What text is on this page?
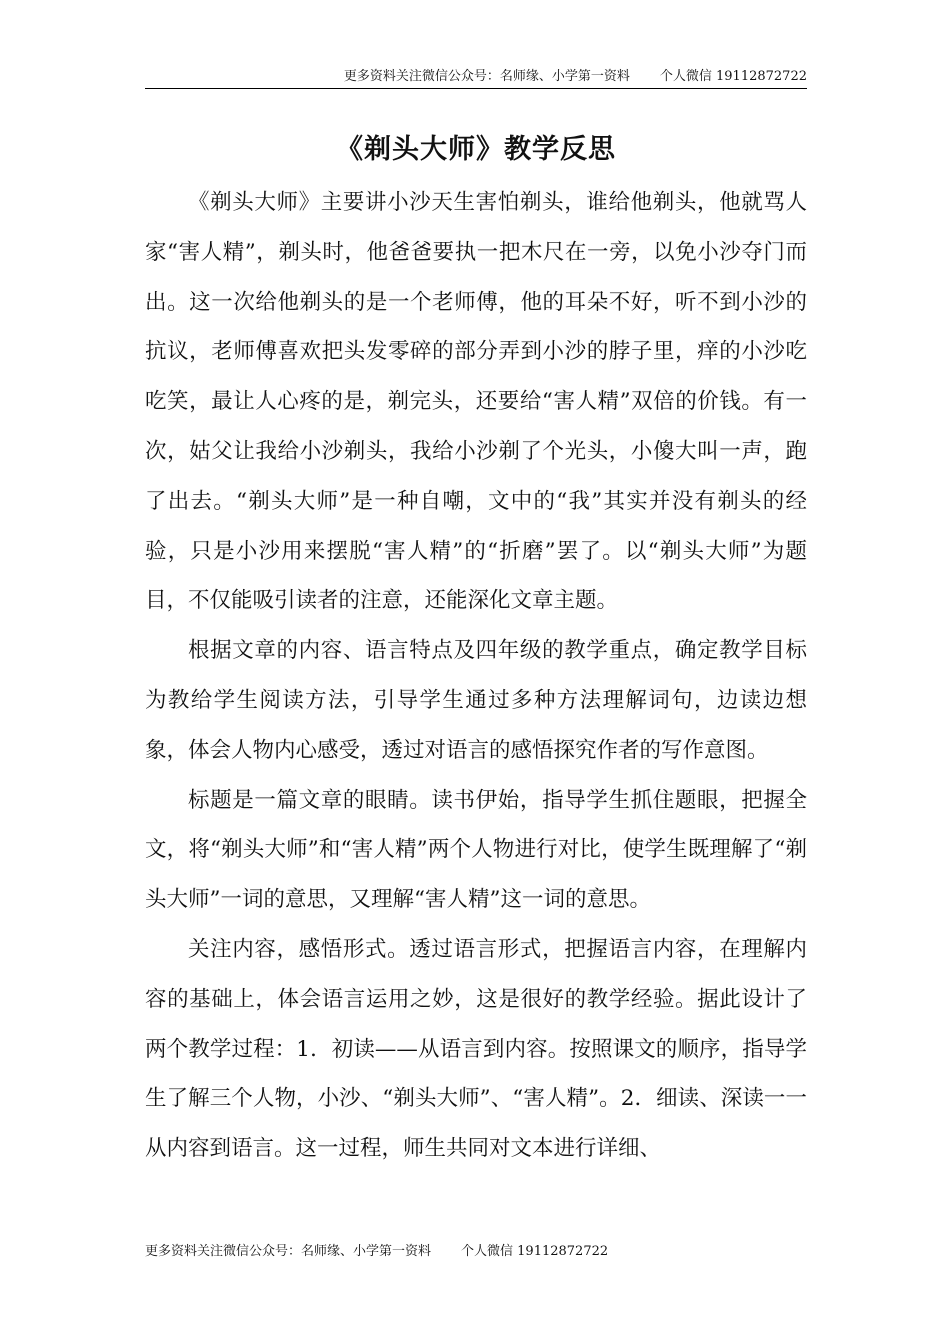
更多资料关注微信公众号：名师缘、小学第一资料 个人微信 19112872722
《剃头大师》教学反思

《剃头大师》主要讲小沙天生害怕剃头，谁给他剃头，他就骂人家“害人精”，剃头时，他爸爸要执一把木尺在一旁，以免小沙夺门而出。这一次给他剃头的是一个老师傅，他的耳朵不好，听不到小沙的抗议，老师傅喜欢把头发零碎的部分弄到小沙的脖子里，痒的小沙吃吃笑，最让人心疼的是，剃完头，还要给“害人精”双倍的价钱。有一次，姑父让我给小沙剃头，我给小沙剃了个光头，小傻大叫一声，跑了出去。“剃头大师”是一种自嘲，文中的“我”其实并没有剃头的经验，只是小沙用来摆脱“害人精”的“折磨”罢了。以“剃头大师”为题目，不仅能吸引读者的注意，还能深化文章主题。

根据文章的内容、语言特点及四年级的教学重点，确定教学目标为教给学生阅读方法，引导学生通过多种方法理解词句，边读边想象，体会人物内心感受，透过对语言的感悟探究作者的写作意图。

标题是一篇文章的眼睛。读书伊始，指导学生抓住题眼，把握全文，将“剃头大师”和“害人精”两个人物进行对比，使学生既理解了“剃头大师”一词的意思，又理解“害人精”这一词的意思。

关注内容，感悟形式。透过语言形式，把握语言内容，在理解内容的基础上，体会语言运用之妙，这是很好的教学经验。据此设计了两个教学过程：1．初读——从语言到内容。按照课文的顺序，指导学生了解三个人物，小沙、“剃头大师”、“害人精”。2．细读、深读一一从内容到语言。这一过程，师生共同对文本进行详细、

更多资料关注微信公众号：名师缘、小学第一资料 个人微信 19112872722
